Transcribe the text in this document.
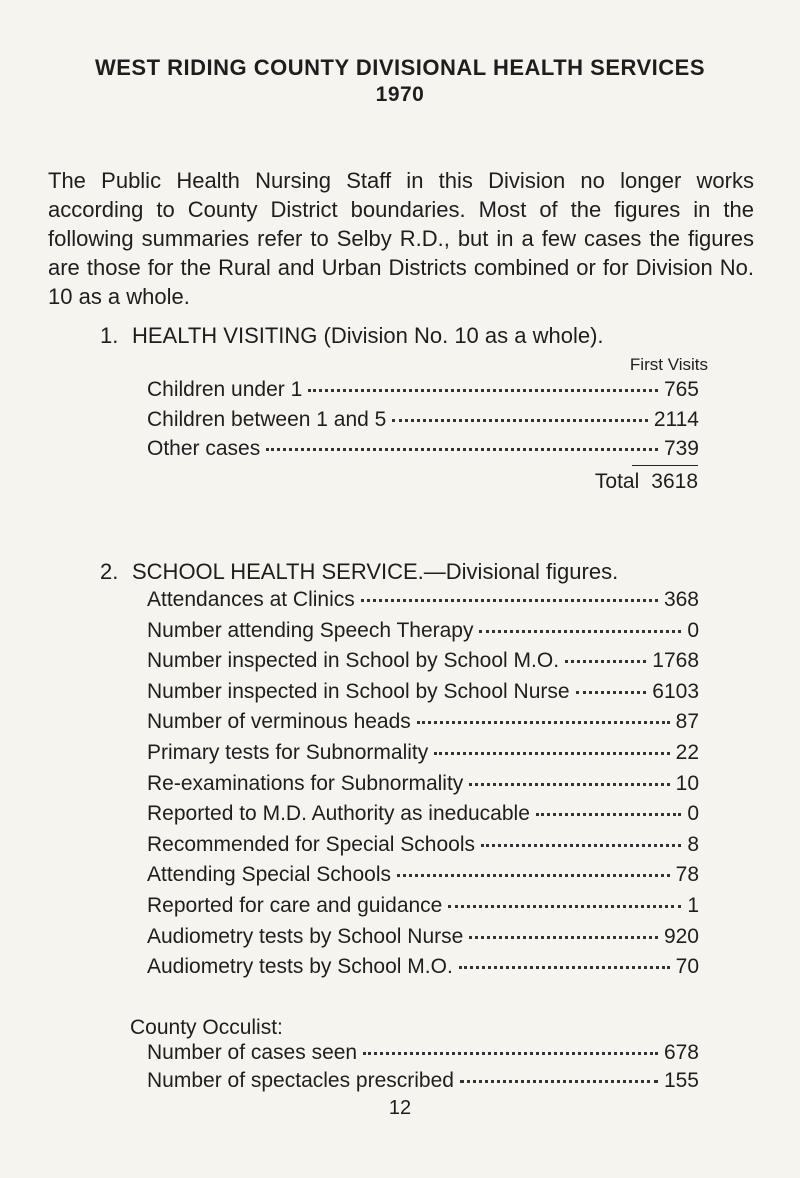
WEST RIDING COUNTY DIVISIONAL HEALTH SERVICES
1970
The Public Health Nursing Staff in this Division no longer works according to County District boundaries. Most of the figures in the following summaries refer to Selby R.D., but in a few cases the figures are those for the Rural and Urban Districts combined or for Division No. 10 as a whole.
1. HEALTH VISITING (Division No. 10 as a whole).
First Visits
Children under 1	765
Children between 1 and 5	2114
Other cases	739
Total 3618
2. SCHOOL HEALTH SERVICE.—Divisional figures.
Attendances at Clinics	368
Number attending Speech Therapy	0
Number inspected in School by School M.O.	1768
Number inspected in School by School Nurse	6103
Number of verminous heads	87
Primary tests for Subnormality	22
Re-examinations for Subnormality	10
Reported to M.D. Authority as ineducable	0
Recommended for Special Schools	8
Attending Special Schools	78
Reported for care and guidance	1
Audiometry tests by School Nurse	920
Audiometry tests by School M.O.	70
County Occulist:
Number of cases seen	678
Number of spectacles prescribed	155
12
